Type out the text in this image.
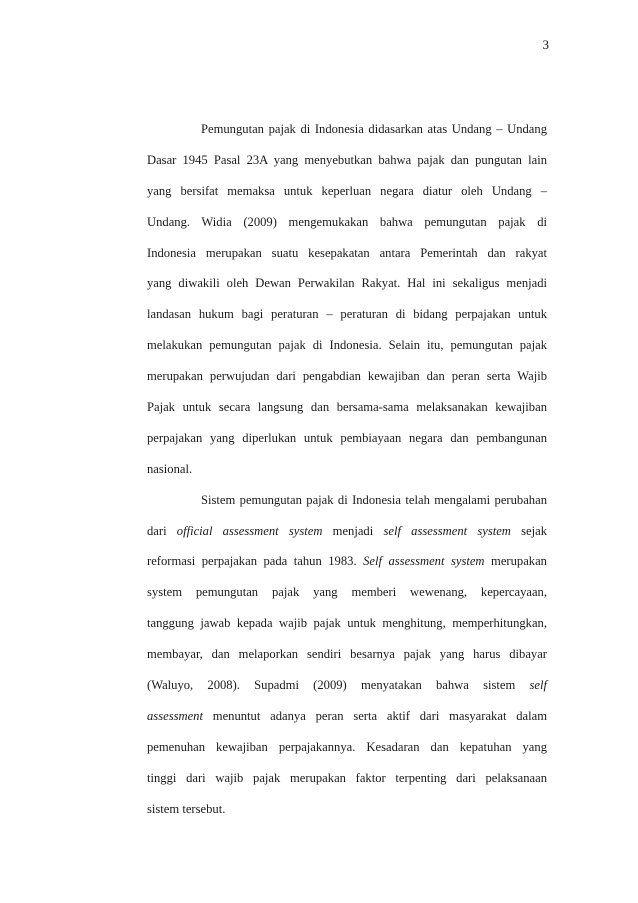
3
Pemungutan pajak di Indonesia didasarkan atas Undang – Undang
Dasar 1945 Pasal 23A yang menyebutkan bahwa pajak dan pungutan lain
yang bersifat memaksa untuk keperluan negara diatur oleh Undang –
Undang. Widia (2009) mengemukakan bahwa pemungutan pajak di
Indonesia merupakan suatu kesepakatan antara Pemerintah dan rakyat
yang diwakili oleh Dewan Perwakilan Rakyat. Hal ini sekaligus menjadi
landasan hukum bagi peraturan – peraturan di bidang perpajakan untuk
melakukan pemungutan pajak di Indonesia. Selain itu, pemungutan pajak
merupakan perwujudan dari pengabdian kewajiban dan peran serta Wajib
Pajak untuk secara langsung dan bersama-sama melaksanakan kewajiban
perpajakan yang diperlukan untuk pembiayaan negara dan pembangunan
nasional.
Sistem pemungutan pajak di Indonesia telah mengalami perubahan
dari official assessment system menjadi self assessment system sejak
reformasi perpajakan pada tahun 1983. Self assessment system merupakan
system pemungutan pajak yang memberi wewenang, kepercayaan,
tanggung jawab kepada wajib pajak untuk menghitung, memperhitungkan,
membayar, dan melaporkan sendiri besarnya pajak yang harus dibayar
(Waluyo, 2008). Supadmi (2009) menyatakan bahwa sistem self
assessment menuntut adanya peran serta aktif dari masyarakat dalam
pemenuhan kewajiban perpajakannya. Kesadaran dan kepatuhan yang
tinggi dari wajib pajak merupakan faktor terpenting dari pelaksanaan
sistem tersebut.
